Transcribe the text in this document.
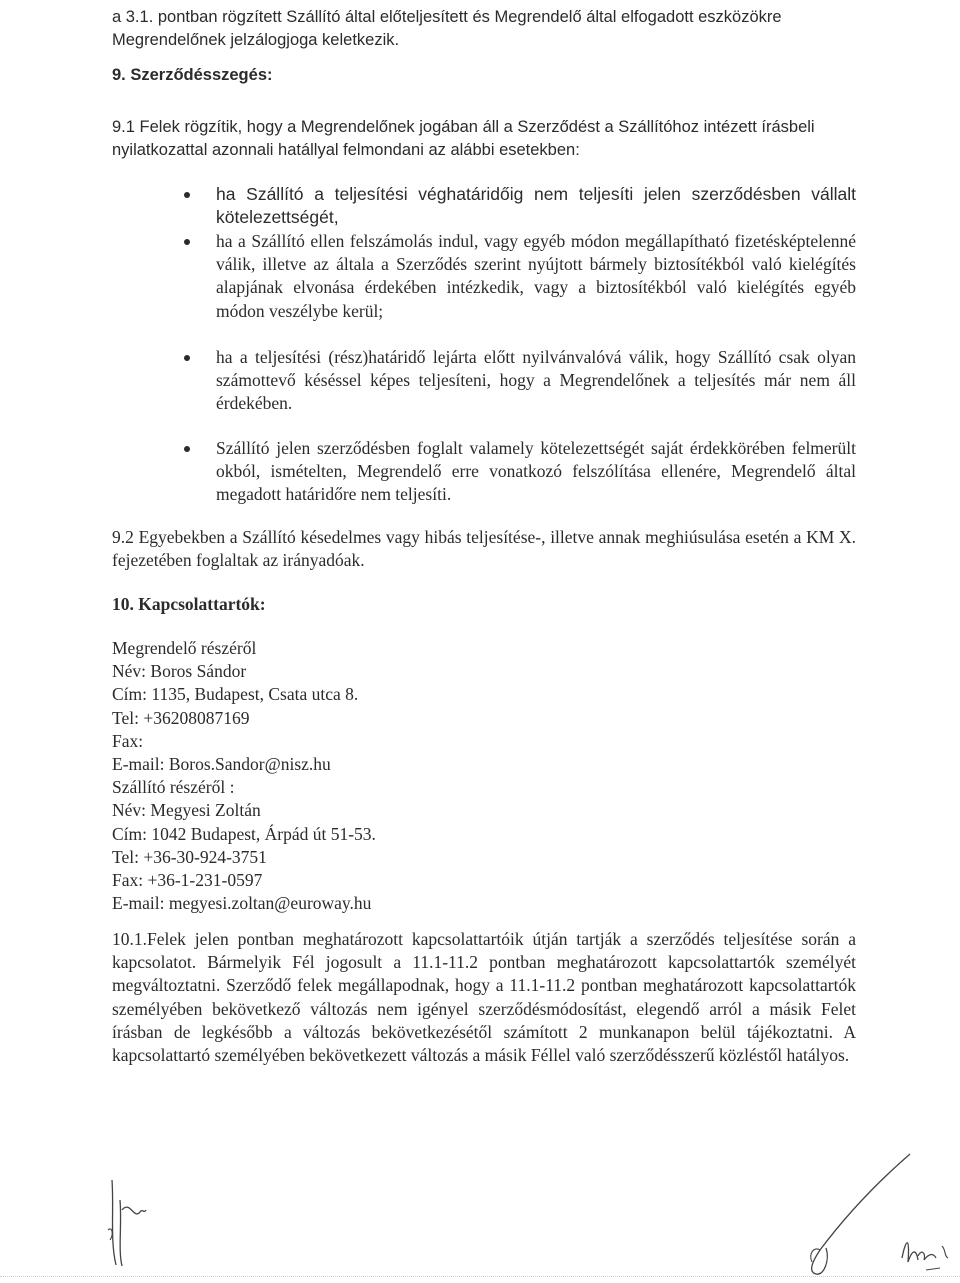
a 3.1. pontban rögzített Szállító által előteljesített és Megrendelő által elfogadott eszközökre Megrendelőnek jelzálogjoga keletkezik.

9. Szerződésszegés:

9.1 Felek rögzítik, hogy a Megrendelőnek jogában áll a Szerződést a Szállítóhoz intézett írásbeli nyilatkozattal azonnali hatállyal felmondani az alábbi esetekben:

ha Szállító a teljesítési véghatáridőig nem teljesíti jelen szerződésben vállalt kötelezettségét,
ha a Szállító ellen felszámolás indul, vagy egyéb módon megállapítható fizetésképtelenné válik, illetve az általa a Szerződés szerint nyújtott bármely biztosítékból való kielégítés alapjának elvonása érdekében intézkedik, vagy a biztosítékból való kielégítés egyéb módon veszélybe kerül;
ha a teljesítési (rész)határidő lejárta előtt nyilvánvalóvá válik, hogy Szállító csak olyan számottevő késéssel képes teljesíteni, hogy a Megrendelőnek a teljesítés már nem áll érdekében.
Szállító jelen szerződésben foglalt valamely kötelezettségét saját érdekkörében felmerült okból, ismételten, Megrendelő erre vonatkozó felszólítása ellenére, Megrendelő által megadott határidőre nem teljesíti.

9.2 Egyebekben a Szállító késedelmes vagy hibás teljesítése-, illetve annak meghiúsulása esetén a KM X. fejezetében foglaltak az irányadóak.

10. Kapcsolattartók:

Megrendelő részéről
Név: Boros Sándor
Cím: 1135, Budapest, Csata utca 8.
Tel: +36208087169
Fax:
E-mail: Boros.Sandor@nisz.hu
Szállító részéről :
Név: Megyesi Zoltán
Cím: 1042 Budapest, Árpád út 51-53.
Tel: +36-30-924-3751
Fax: +36-1-231-0597
E-mail: megyesi.zoltan@euroway.hu

10.1.Felek jelen pontban meghatározott kapcsolattartóik útján tartják a szerződés teljesítése során a kapcsolatot. Bármelyik Fél jogosult a 11.1-11.2 pontban meghatározott kapcsolattartók személyét megváltoztatni. Szerződő felek megállapodnak, hogy a 11.1-11.2 pontban meghatározott kapcsolattartók személyében bekövetkező változás nem igényel szerződésmódosítást, elegendő arról a másik Felet írásban de legkésőbb a változás bekövetkezésétől számított 2 munkanapon belül tájékoztatni. A kapcsolattartó személyében bekövetkezett változás a másik Féllel való szerződésszerű közléstől hatályos.
